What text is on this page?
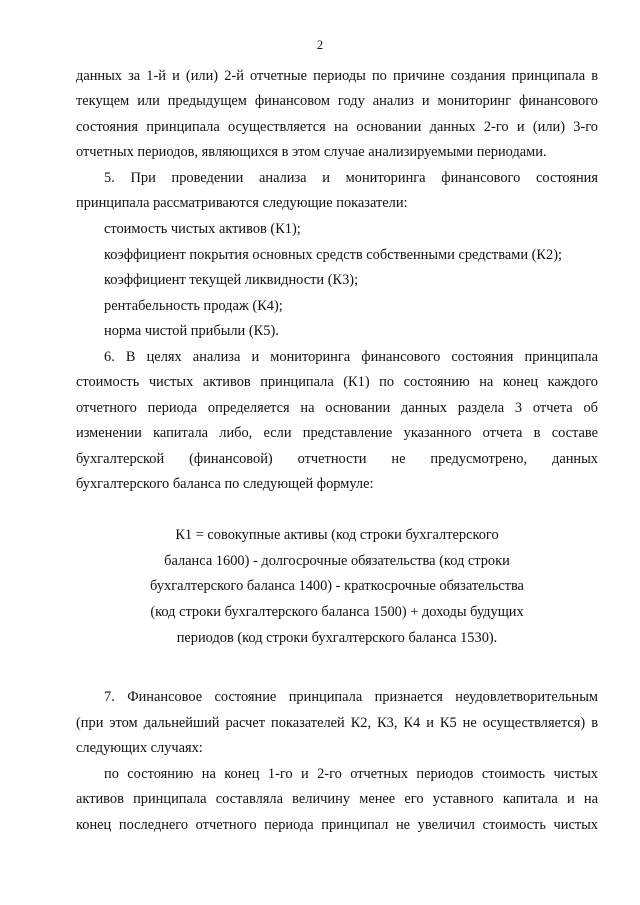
2
данных за 1-й и (или) 2-й отчетные периоды по причине создания принципала в
текущем или предыдущем финансовом году анализ и мониторинг финансового
состояния принципала осуществляется на основании данных 2-го и (или) 3-го
отчетных периодов, являющихся в этом случае анализируемыми периодами.
5. При проведении анализа и мониторинга финансового состояния
принципала рассматриваются следующие показатели:
стоимость чистых активов (К1);
коэффициент покрытия основных средств собственными средствами (К2);
коэффициент текущей ликвидности (К3);
рентабельность продаж (К4);
норма чистой прибыли (К5).
6. В целях анализа и мониторинга финансового состояния принципала
стоимость чистых активов принципала (К1) по состоянию на конец каждого
отчетного периода определяется на основании данных раздела 3 отчета об
изменении капитала либо, если представление указанного отчета в составе
бухгалтерской (финансовой) отчетности не предусмотрено, данных
бухгалтерского баланса по следующей формуле:
К1 = совокупные активы (код строки бухгалтерского
баланса 1600) - долгосрочные обязательства (код строки
бухгалтерского баланса 1400) - краткосрочные обязательства
(код строки бухгалтерского баланса 1500) + доходы будущих
периодов (код строки бухгалтерского баланса 1530).
7. Финансовое состояние принципала признается неудовлетворительным
(при этом дальнейший расчет показателей К2, К3, К4 и К5 не осуществляется) в
следующих случаях:
по состоянию на конец 1-го и 2-го отчетных периодов стоимость чистых
активов принципала составляла величину менее его уставного капитала и на
конец последнего отчетного периода принципал не увеличил стоимость чистых
